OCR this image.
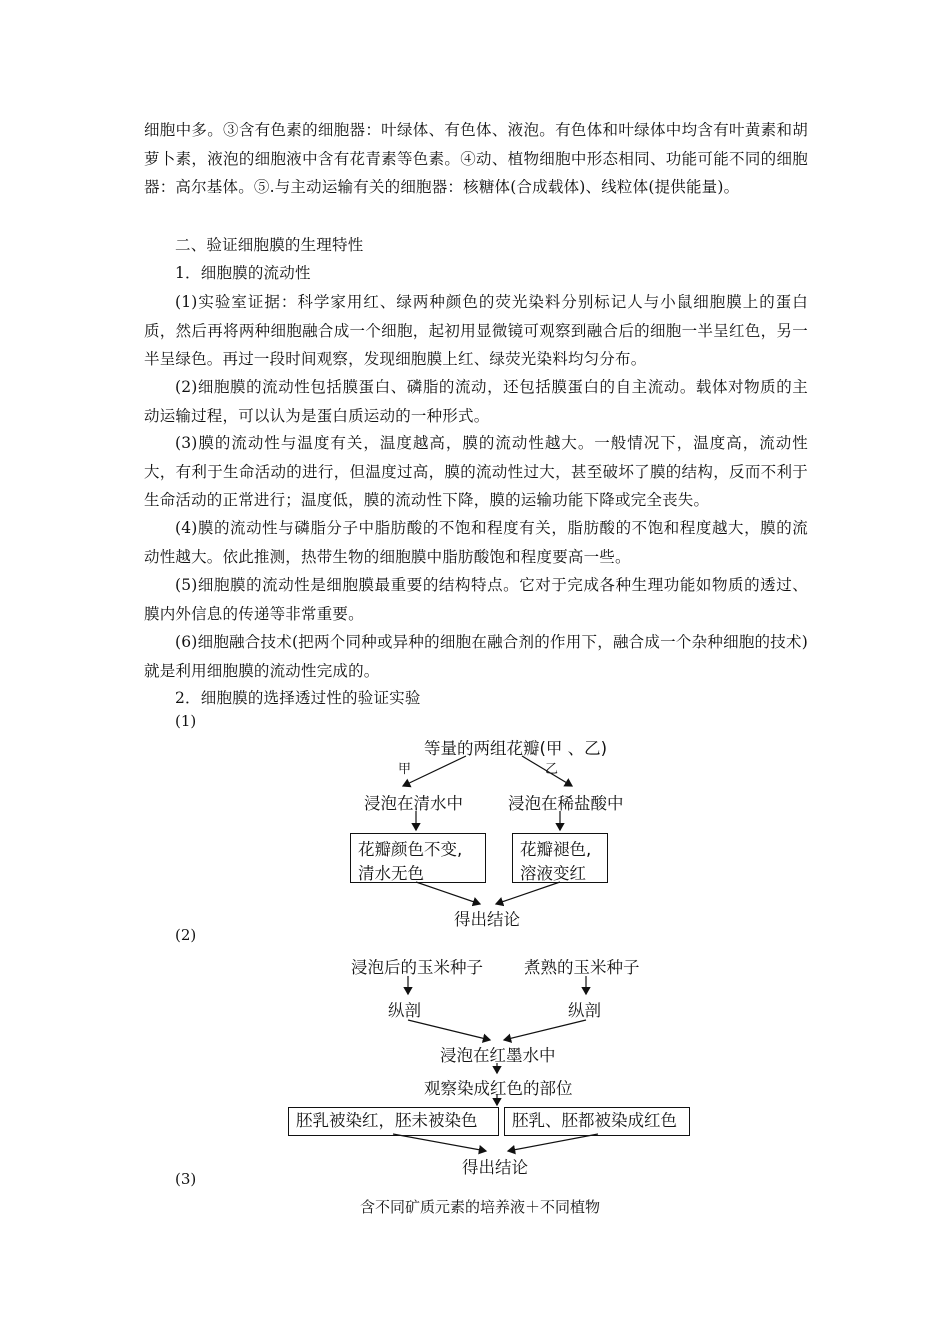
细胞中多。③含有色素的细胞器：叶绿体、有色体、液泡。有色体和叶绿体中均含有叶黄素和胡萝卜素，液泡的细胞液中含有花青素等色素。④动、植物细胞中形态相同、功能可能不同的细胞器：高尔基体。⑤.与主动运输有关的细胞器：核糖体(合成载体)、线粒体(提供能量)。

二、验证细胞膜的生理特性

1．细胞膜的流动性

(1)实验室证据：科学家用红、绿两种颜色的荧光染料分别标记人与小鼠细胞膜上的蛋白质，然后再将两种细胞融合成一个细胞，起初用显微镜可观察到融合后的细胞一半呈红色，另一半呈绿色。再过一段时间观察，发现细胞膜上红、绿荧光染料均匀分布。

(2)细胞膜的流动性包括膜蛋白、磷脂的流动，还包括膜蛋白的自主流动。载体对物质的主动运输过程，可以认为是蛋白质运动的一种形式。

(3)膜的流动性与温度有关，温度越高，膜的流动性越大。一般情况下，温度高，流动性大，有利于生命活动的进行，但温度过高，膜的流动性过大，甚至破坏了膜的结构，反而不利于生命活动的正常进行；温度低，膜的流动性下降，膜的运输功能下降或完全丧失。

(4)膜的流动性与磷脂分子中脂肪酸的不饱和程度有关，脂肪酸的不饱和程度越大，膜的流动性越大。依此推测，热带生物的细胞膜中脂肪酸饱和程度要高一些。

(5)细胞膜的流动性是细胞膜最重要的结构特点。它对于完成各种生理功能如物质的透过、膜内外信息的传递等非常重要。

(6)细胞融合技术(把两个同种或异种的细胞在融合剂的作用下，融合成一个杂种细胞的技术)就是利用细胞膜的流动性完成的。

2．细胞膜的选择透过性的验证实验

(1)
(2)
(3)
等量的两组花瓣(甲 、乙)
甲	乙
浸泡在清水中	浸泡在稀盐酸中
花瓣颜色不变,
清水无色
花瓣褪色,
溶液变红
得出结论
浸泡后的玉米种子 煮熟的玉米种子
纵剖	纵剖
浸泡在红墨水中
观察染成红色的部位
胚乳被染红，胚未被染色	胚乳、胚都被染成红色
得出结论
含不同矿质元素的培养液＋不同植物
